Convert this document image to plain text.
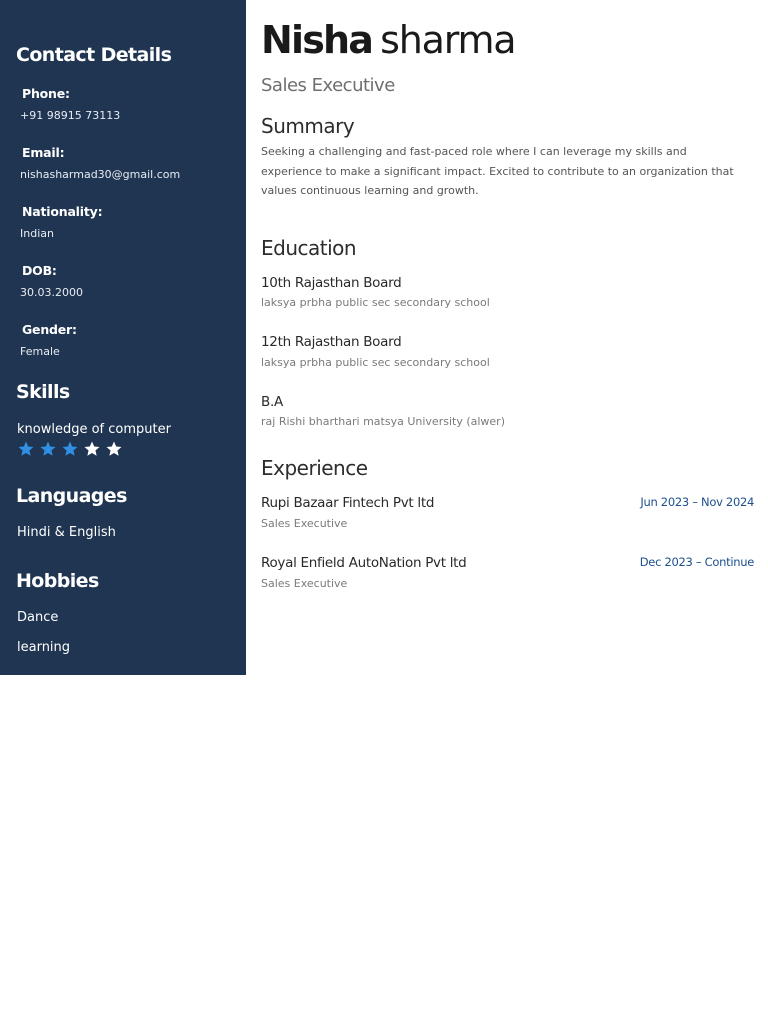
Contact Details
Phone:
+91 98915 73113
Email:
nishasharmad30@gmail.com
Nationality:
Indian
DOB:
30.03.2000
Gender:
Female
Skills
knowledge of computer
Languages
Hindi & English
Hobbies
Dance
learning
Nisha sharma
Sales Executive
Summary
Seeking a challenging and fast-paced role where I can leverage my skills and experience to make a significant impact. Excited to contribute to an organization that values continuous learning and growth.
Education
10th Rajasthan Board
laksya prbha public sec secondary school
12th Rajasthan Board
laksya prbha public sec secondary school
B.A
raj Rishi bharthari matsya University (alwer)
Experience
Rupi Bazaar Fintech Pvt ltd	Jun 2023 – Nov 2024
Sales Executive
Royal Enfield AutoNation Pvt ltd	Dec 2023 – Continue
Sales Executive
